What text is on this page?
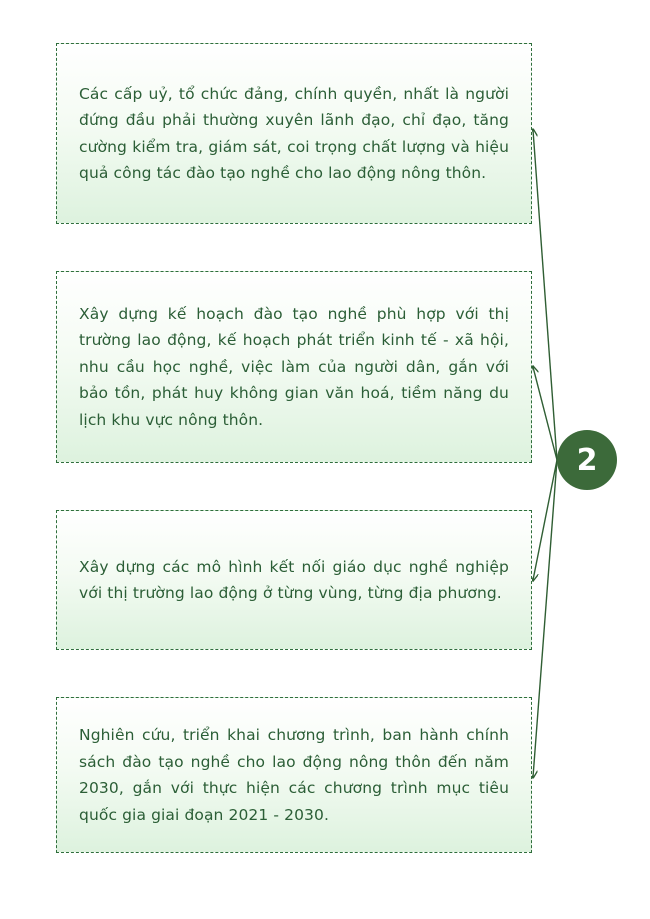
Các cấp uỷ, tổ chức đảng, chính quyền, nhất là người đứng đầu phải thường xuyên lãnh đạo, chỉ đạo, tăng cường kiểm tra, giám sát, coi trọng chất lượng và hiệu quả công tác đào tạo nghề cho lao động nông thôn.
Xây dựng kế hoạch đào tạo nghề phù hợp với thị trường lao động, kế hoạch phát triển kinh tế - xã hội, nhu cầu học nghề, việc làm của người dân, gắn với bảo tồn, phát huy không gian văn hoá, tiềm năng du lịch khu vực nông thôn.
Xây dựng các mô hình kết nối giáo dục nghề nghiệp với thị trường lao động ở từng vùng, từng địa phương.
Nghiên cứu, triển khai chương trình, ban hành chính sách đào tạo nghề cho lao động nông thôn đến năm 2030, gắn với thực hiện các chương trình mục tiêu quốc gia giai đoạn 2021 - 2030.
2
